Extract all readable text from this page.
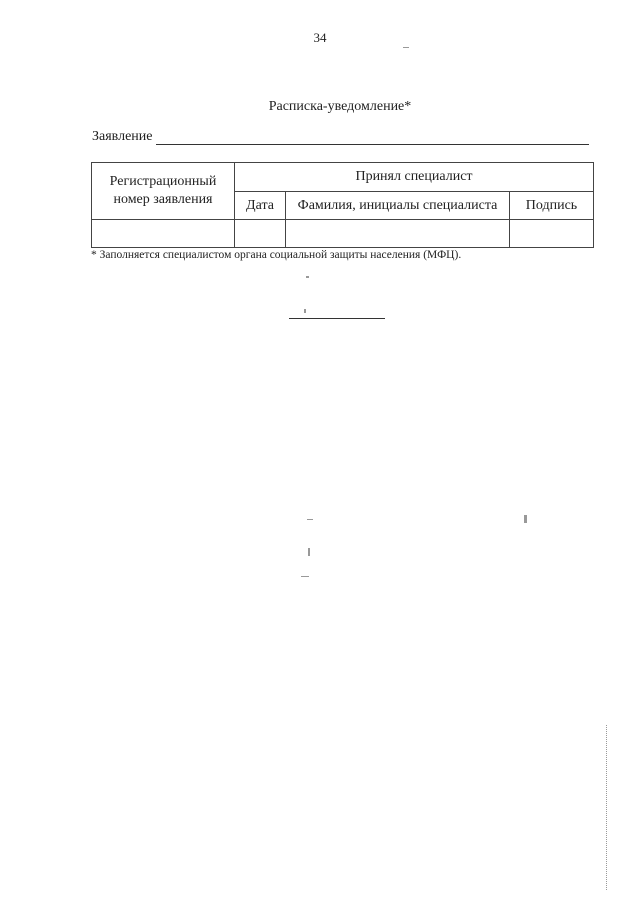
34
Расписка-уведомление*
Заявление
Регистрационный номер заявления	Принял специалист		
	Дата	Фамилия, инициалы специалиста	Подпись

* Заполняется специалистом органа социальной защиты населения (МФЦ).
